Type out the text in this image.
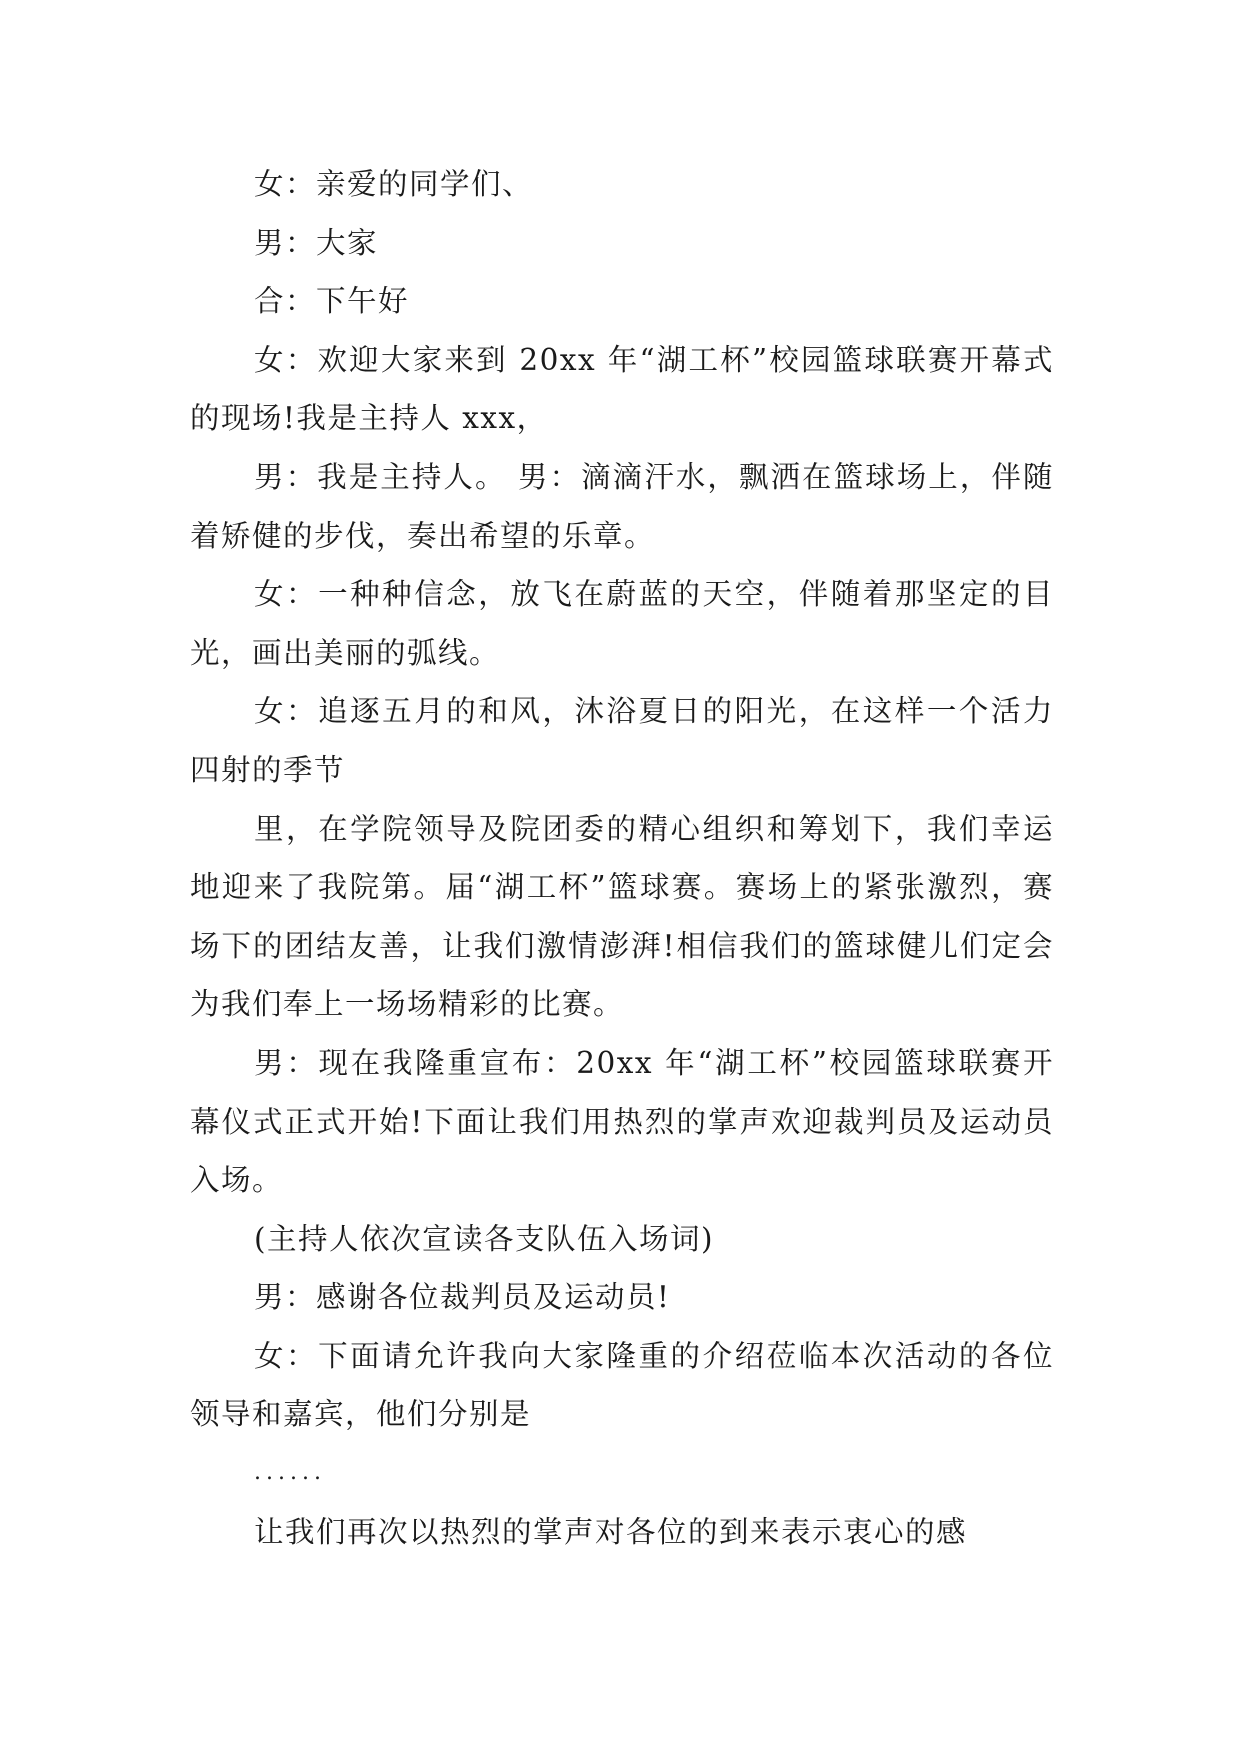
女：亲爱的同学们、

男：大家

合：下午好

女：欢迎大家来到 20xx 年“湖工杯”校园篮球联赛开幕式的现场!我是主持人 xxx，

男：我是主持人。 男：滴滴汗水，飘洒在篮球场上，伴随着矫健的步伐，奏出希望的乐章。

女：一种种信念，放飞在蔚蓝的天空，伴随着那坚定的目光，画出美丽的弧线。

女：追逐五月的和风，沐浴夏日的阳光，在这样一个活力四射的季节

里，在学院领导及院团委的精心组织和筹划下，我们幸运地迎来了我院第。届“湖工杯”篮球赛。赛场上的紧张激烈，赛场下的团结友善，让我们激情澎湃!相信我们的篮球健儿们定会为我们奉上一场场精彩的比赛。

男：现在我隆重宣布：20xx 年“湖工杯”校园篮球联赛开幕仪式正式开始!下面让我们用热烈的掌声欢迎裁判员及运动员入场。

(主持人依次宣读各支队伍入场词)

男：感谢各位裁判员及运动员!

女：下面请允许我向大家隆重的介绍莅临本次活动的各位领导和嘉宾，他们分别是

......

让我们再次以热烈的掌声对各位的到来表示衷心的感
